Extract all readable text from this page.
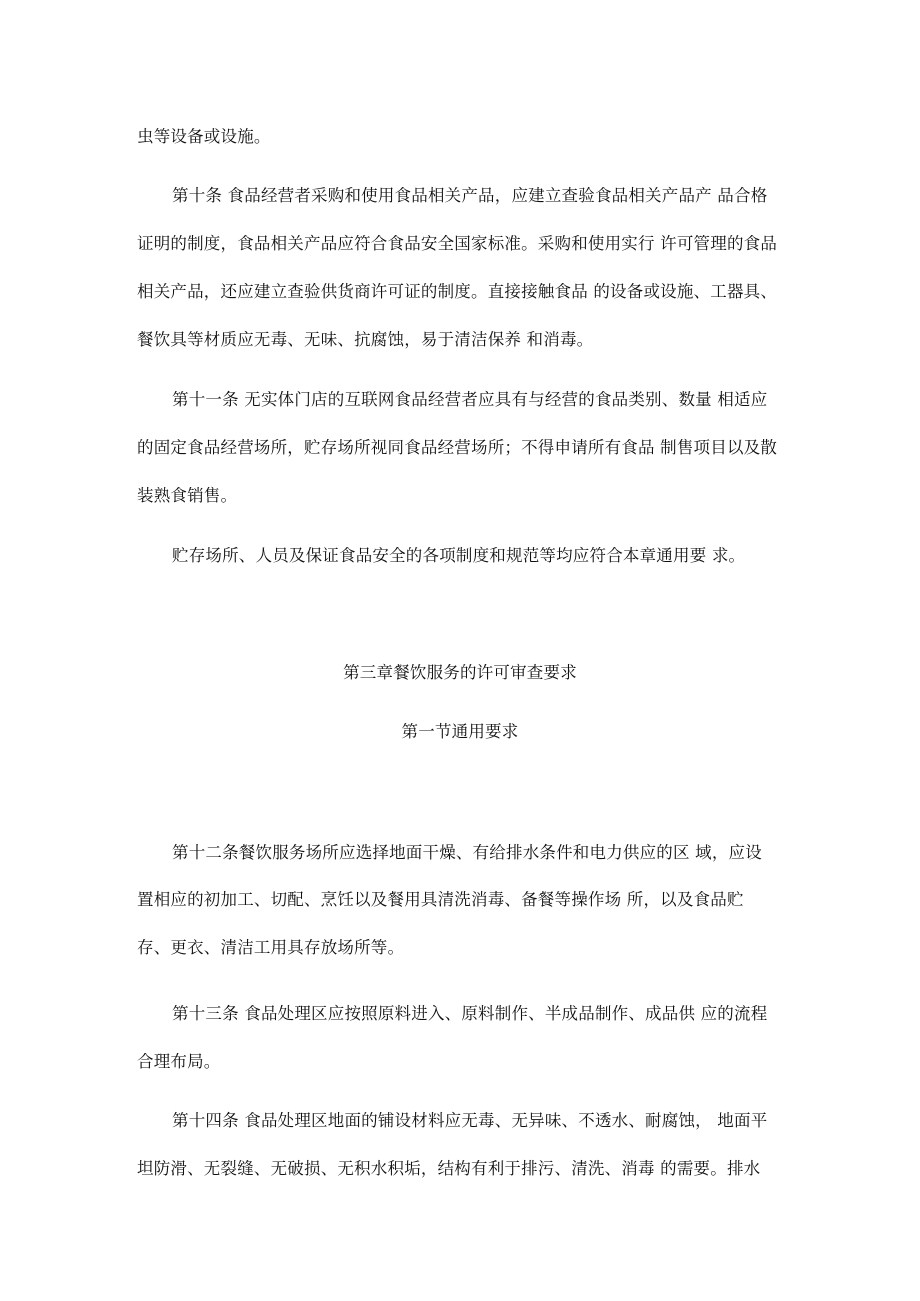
虫等设备或设施。

第十条 食品经营者采购和使用食品相关产品，应建立查验食品相关产品产 品合格

证明的制度，食品相关产品应符合食品安全国家标准。采购和使用实行 许可管理的食品

相关产品，还应建立查验供货商许可证的制度。直接接触食品 的设备或设施、工器具、

餐饮具等材质应无毒、无味、抗腐蚀，易于清洁保养 和消毒。

第十一条 无实体门店的互联网食品经营者应具有与经营的食品类别、数量 相适应

的固定食品经营场所，贮存场所视同食品经营场所；不得申请所有食品 制售项目以及散

装熟食销售。

贮存场所、人员及保证食品安全的各项制度和规范等均应符合本章通用要 求。

第三章餐饮服务的许可审查要求

第一节通用要求

第十二条餐饮服务场所应选择地面干燥、有给排水条件和电力供应的区 域，应设

置相应的初加工、切配、烹饪以及餐用具清洗消毒、备餐等操作场 所，以及食品贮

存、更衣、清洁工用具存放场所等。

第十三条 食品处理区应按照原料进入、原料制作、半成品制作、成品供 应的流程

合理布局。

第十四条 食品处理区地面的铺设材料应无毒、无异味、不透水、耐腐蚀， 地面平

坦防滑、无裂缝、无破损、无积水积垢，结构有利于排污、清洗、消毒 的需要。排水
